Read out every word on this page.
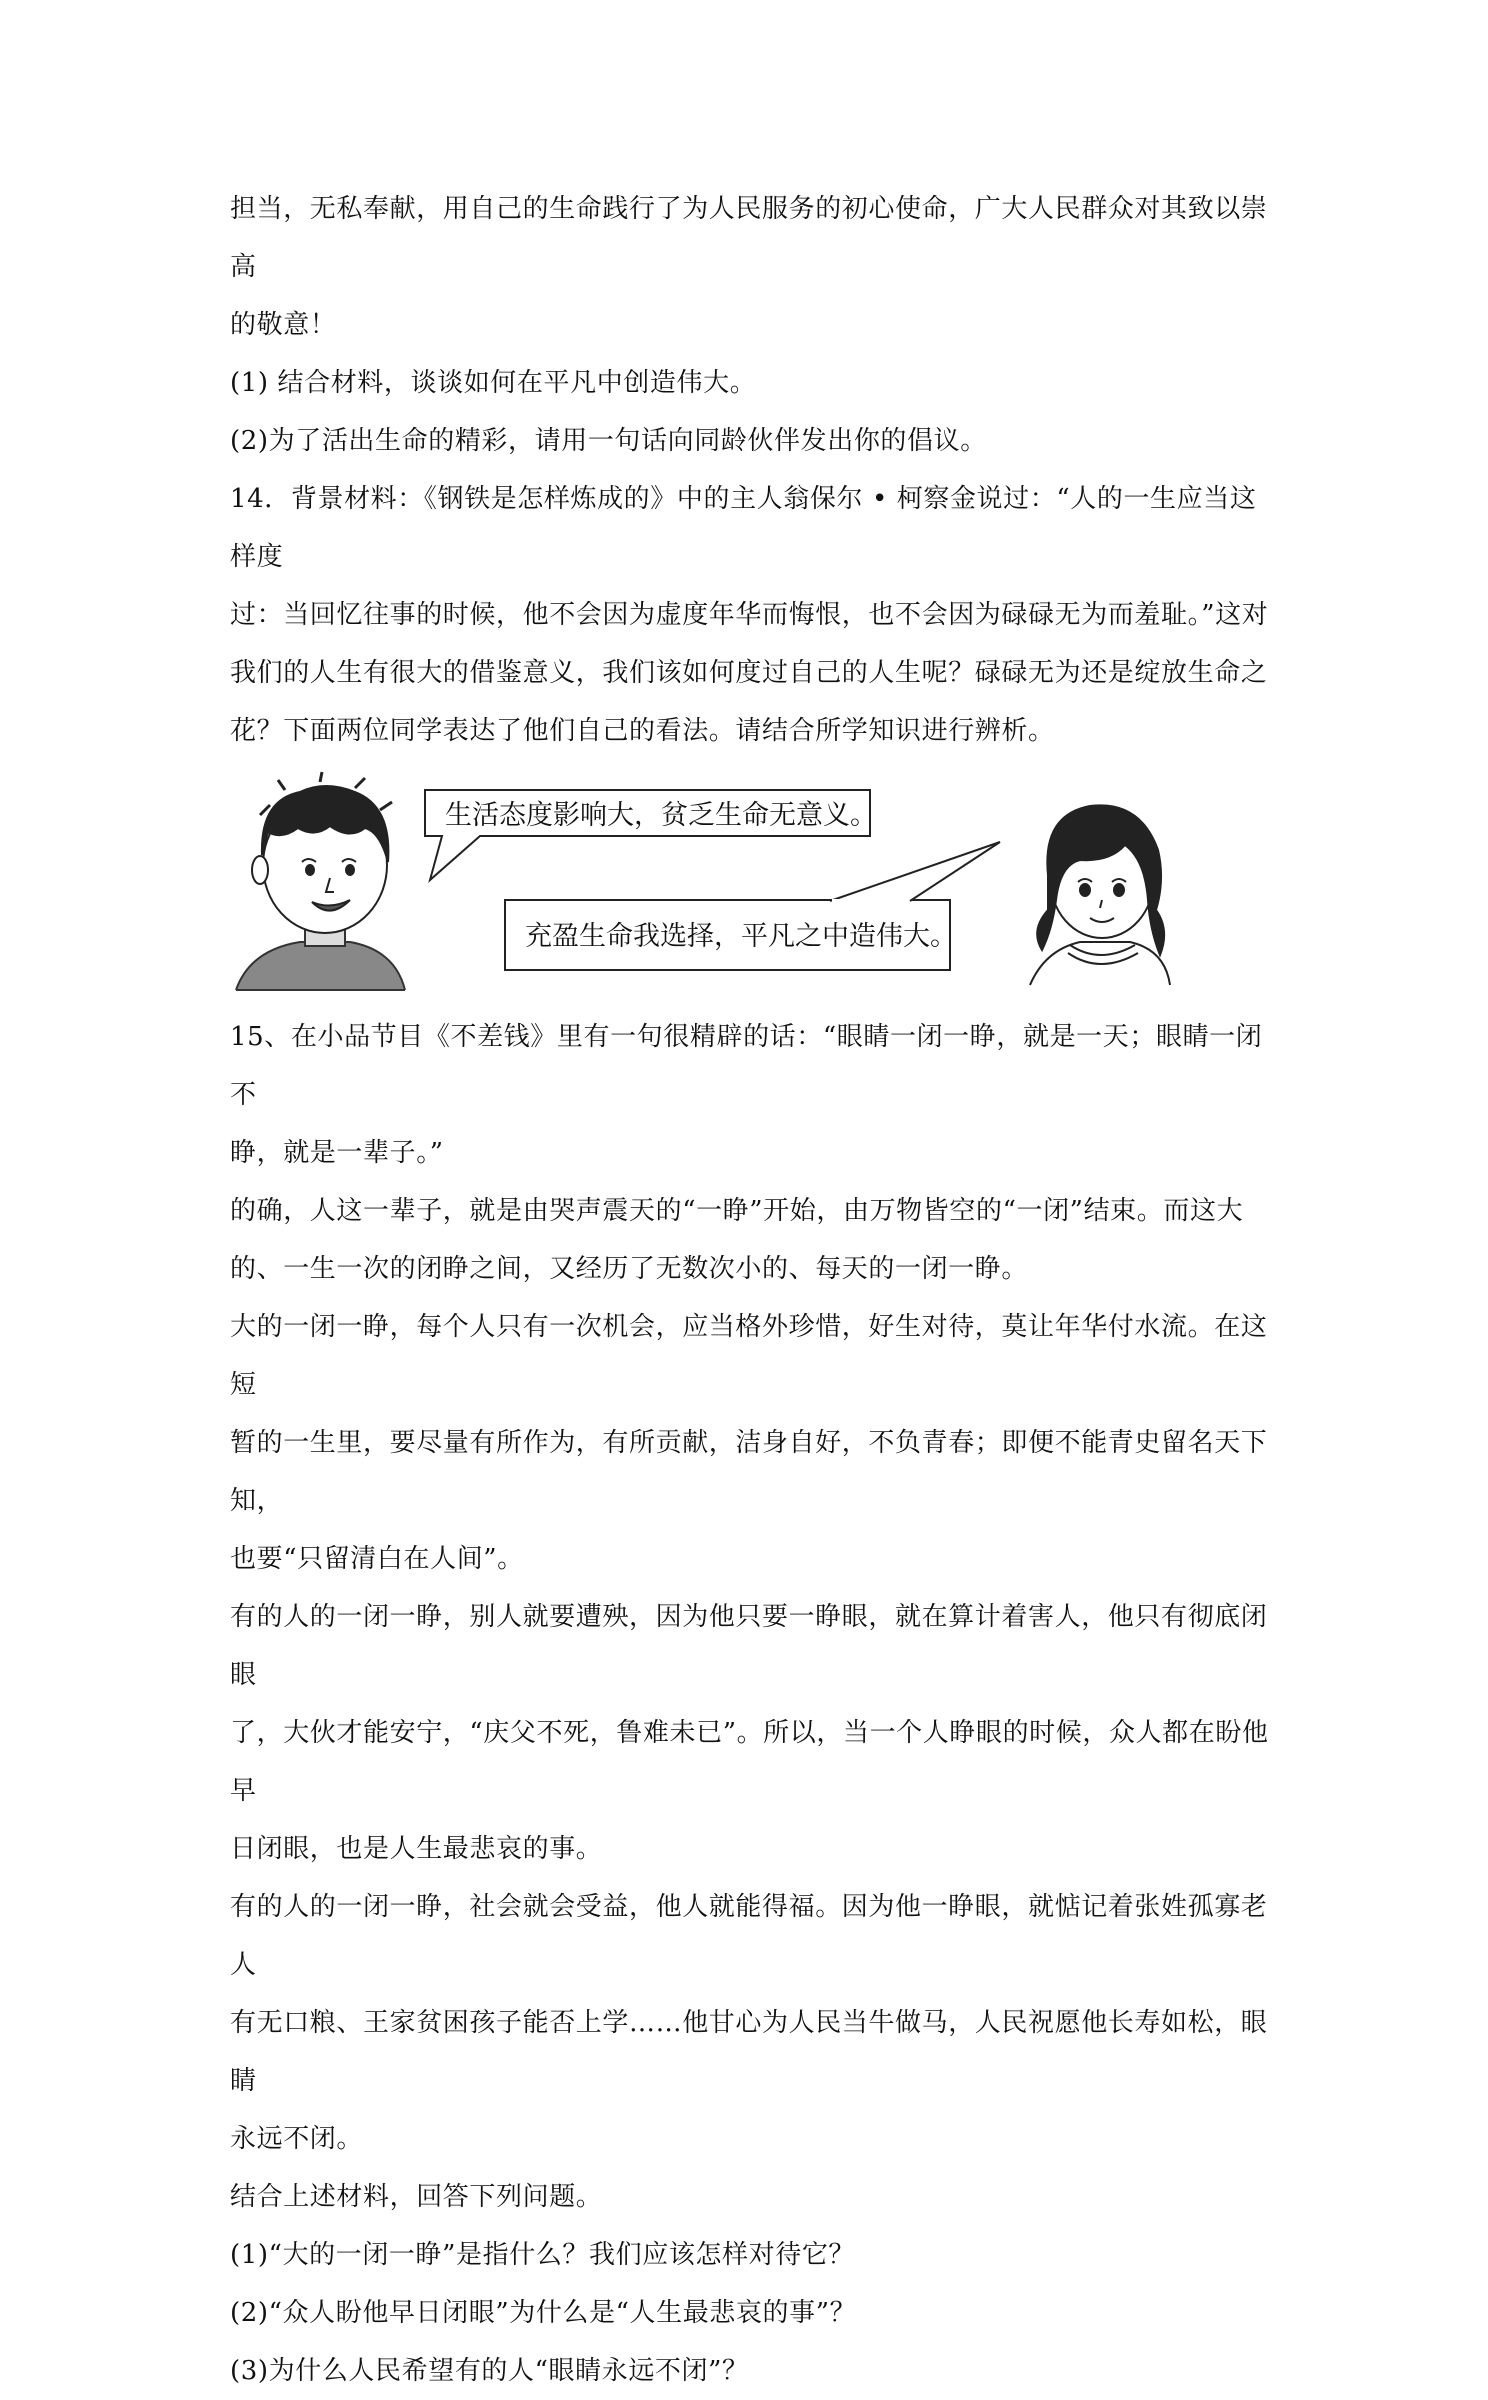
担当，无私奉献，用自己的生命践行了为人民服务的初心使命，广大人民群众对其致以崇高

的敬意！

(1) 结合材料，谈谈如何在平凡中创造伟大。

(2)为了活出生命的精彩，请用一句话向同龄伙伴发出你的倡议。

14．背景材料：《钢铁是怎样炼成的》中的主人翁保尔 • 柯察金说过：“人的一生应当这样度

过：当回忆往事的时候，他不会因为虚度年华而悔恨，也不会因为碌碌无为而羞耻。”这对

我们的人生有很大的借鉴意义，我们该如何度过自己的人生呢？碌碌无为还是绽放生命之

花？下面两位同学表达了他们自己的看法。请结合所学知识进行辨析。

生活态度影响大，贫乏生命无意义。
充盈生命我选择，平凡之中造伟大。

15、在小品节目《不差钱》里有一句很精辟的话：“眼睛一闭一睁，就是一天；眼睛一闭不

睁，就是一辈子。”

的确，人这一辈子，就是由哭声震天的“一睁”开始，由万物皆空的“一闭”结束。而这大

的、一生一次的闭睁之间，又经历了无数次小的、每天的一闭一睁。

大的一闭一睁，每个人只有一次机会，应当格外珍惜，好生对待，莫让年华付水流。在这短

暂的一生里，要尽量有所作为，有所贡献，洁身自好，不负青春；即便不能青史留名天下知，

也要“只留清白在人间”。

有的人的一闭一睁，别人就要遭殃，因为他只要一睁眼，就在算计着害人，他只有彻底闭眼

了，大伙才能安宁，“庆父不死，鲁难未已”。所以，当一个人睁眼的时候，众人都在盼他早

日闭眼，也是人生最悲哀的事。

有的人的一闭一睁，社会就会受益，他人就能得福。因为他一睁眼，就惦记着张姓孤寡老人

有无口粮、王家贫困孩子能否上学……他甘心为人民当牛做马，人民祝愿他长寿如松，眼睛

永远不闭。

结合上述材料，回答下列问题。

(1)“大的一闭一睁”是指什么？我们应该怎样对待它？

(2)“众人盼他早日闭眼”为什么是“人生最悲哀的事”？

(3)为什么人民希望有的人“眼睛永远不闭”？
